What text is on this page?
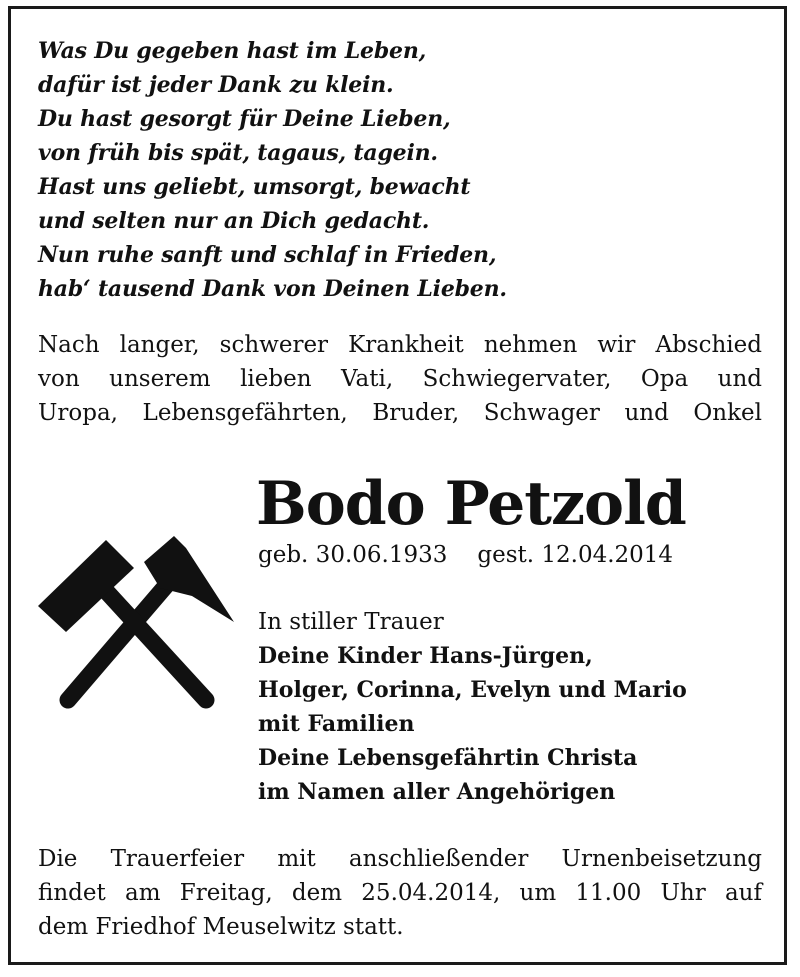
Was Du gegeben hast im Leben,
dafür ist jeder Dank zu klein.
Du hast gesorgt für Deine Lieben,
von früh bis spät, tagaus, tagein.
Hast uns geliebt, umsorgt, bewacht
und selten nur an Dich gedacht.
Nun ruhe sanft und schlaf in Frieden,
hab‘ tausend Dank von Deinen Lieben.
Nach langer, schwerer Krankheit nehmen wir Abschied
von unserem lieben Vati, Schwiegervater, Opa und
Uropa, Lebensgefährten, Bruder, Schwager und Onkel
Bodo Petzold
geb. 30.06.1933 gest. 12.04.2014
In stiller Trauer
Deine Kinder Hans-Jürgen,
Holger, Corinna, Evelyn und Mario
mit Familien
Deine Lebensgefährtin Christa
im Namen aller Angehörigen
Die Trauerfeier mit anschließender Urnenbeisetzung
findet am Freitag, dem 25.04.2014, um 11.00 Uhr auf
dem Friedhof Meuselwitz statt.
